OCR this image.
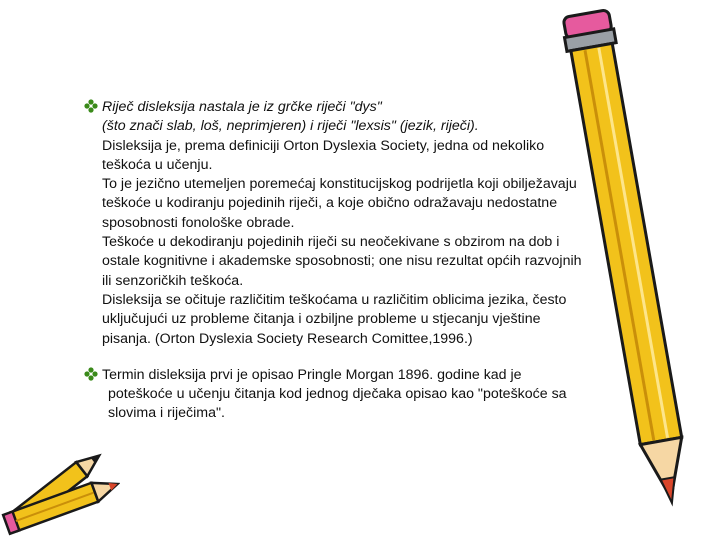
Riječ disleksija nastala je iz grčke riječi "dys"
(što znači slab, loš, neprimjeren) i riječi "lexsis" (jezik, riječi).
Disleksija je, prema definiciji Orton Dyslexia Society, jedna od nekoliko
teškoća u učenju.
To je jezično utemeljen poremećaj konstitucijskog podrijetla koji obilježavaju
teškoće u kodiranju pojedinih riječi, a koje obično odražavaju nedostatne
sposobnosti fonološke obrade.
Teškoće u dekodiranju pojedinih riječi su neočekivane s obzirom na dob i
ostale kognitivne i akademske sposobnosti; one nisu rezultat općih razvojnih
ili senzoričkih teškoća.
Disleksija se očituje različitim teškoćama u različitim oblicima jezika, često
uključujući uz probleme čitanja i ozbiljne probleme u stjecanju vještine
pisanja. (Orton Dyslexia Society Research Comittee,1996.)
Termin disleksija prvi je opisao Pringle Morgan 1896. godine kad je
poteškoće u učenju čitanja kod jednog dječaka opisao kao "poteškoće sa
slovima i riječima".
